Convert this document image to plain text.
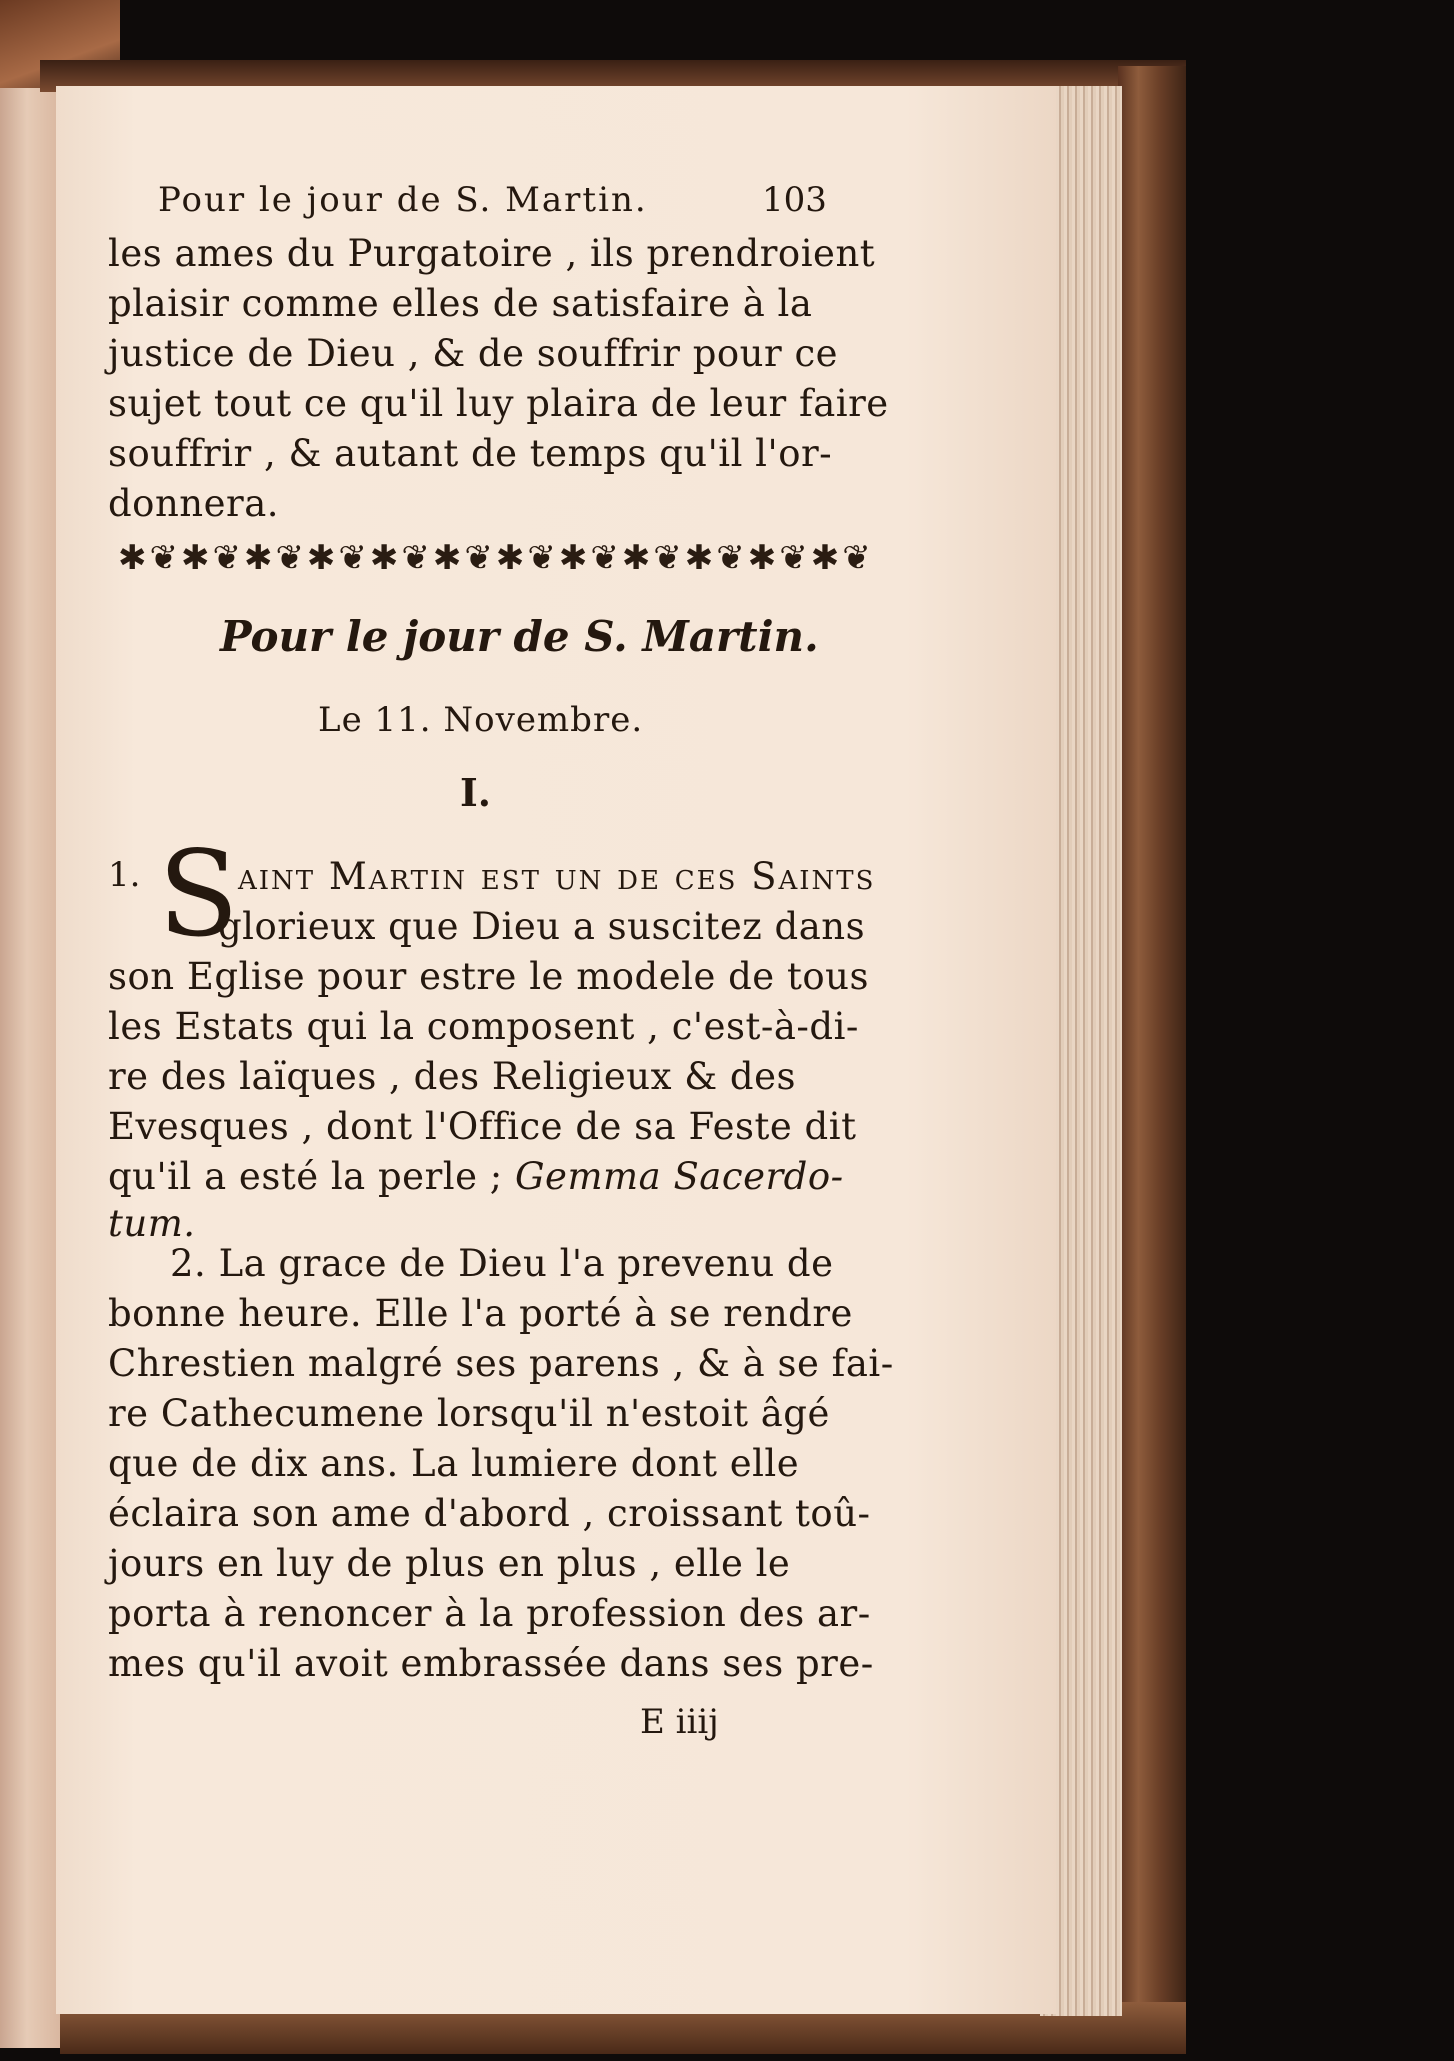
Pour le jour de S. Martin.	103
les ames du Purgatoire , ils prendroient
plaisir comme elles de satisfaire à la
justice de Dieu , & de souffrir pour ce
sujet tout ce qu'il luy plaira de leur faire
souffrir , & autant de temps qu'il l'or-
donnera.
✱❦✱❦✱❦✱❦✱❦✱❦✱❦✱❦✱❦✱❦✱❦✱❦
Pour le jour de S. Martin.
Le 11. Novembre.
I.
1. S aint Martin est un de ces Saints
glorieux que Dieu a suscitez dans
son Eglise pour estre le modele de tous
les Estats qui la composent , c'est-à-di-
re des laïques , des Religieux & des
Evesques , dont l'Office de sa Feste dit
qu'il a esté la perle ; Gemma Sacerdo-
tum.
2. La grace de Dieu l'a prevenu de
bonne heure. Elle l'a porté à se rendre
Chrestien malgré ses parens , & à se fai-
re Cathecumene lorsqu'il n'estoit âgé
que de dix ans. La lumiere dont elle
éclaira son ame d'abord , croissant toû-
jours en luy de plus en plus , elle le
porta à renoncer à la profession des ar-
mes qu'il avoit embrassée dans ses pre-
E iiij
